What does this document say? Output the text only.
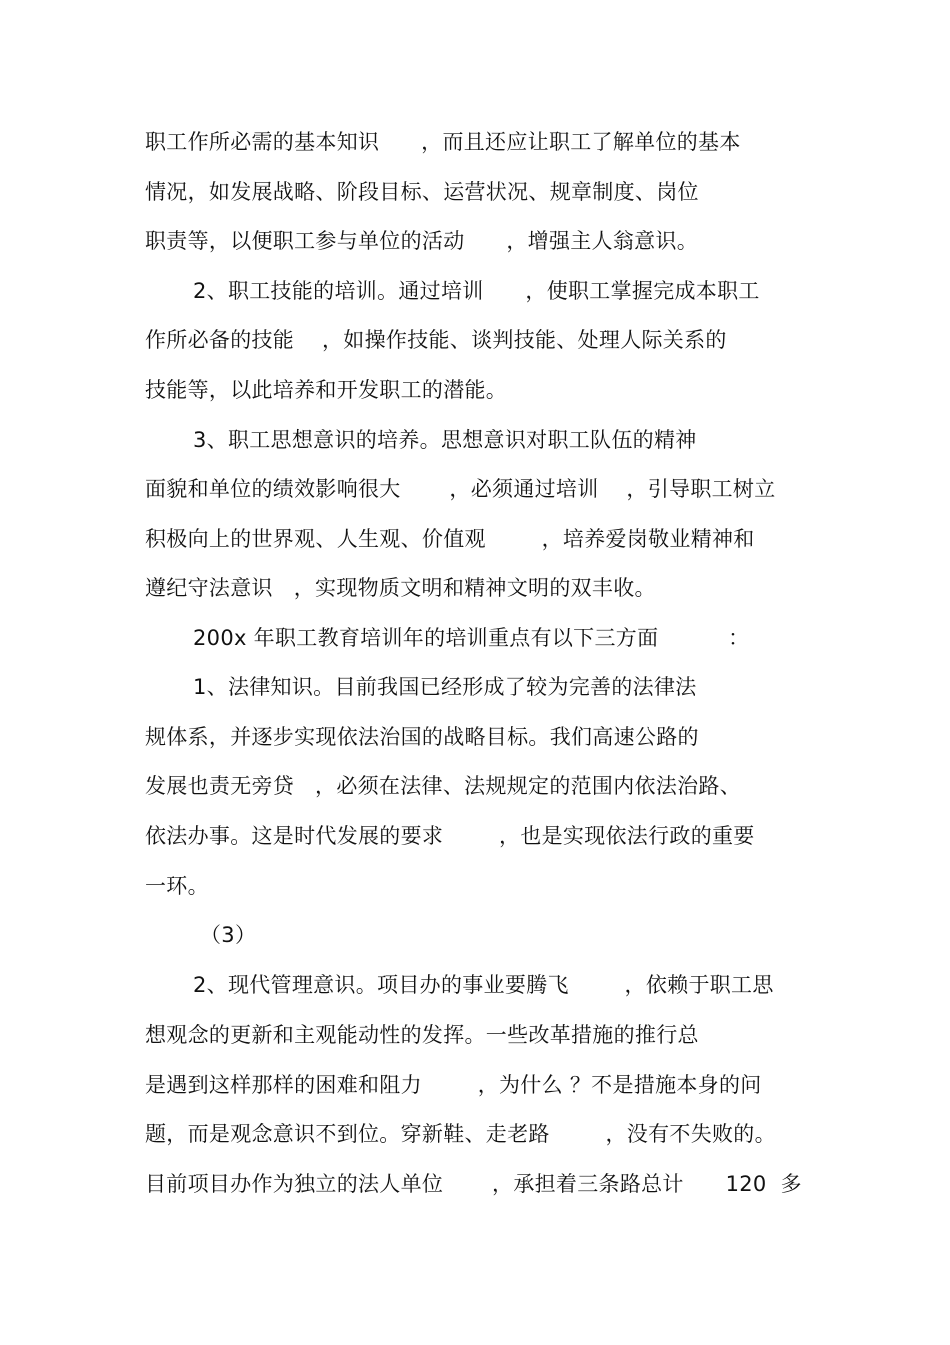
职工作所必需的基本知识      ，而且还应让职工了解单位的基本
情况，如发展战略、阶段目标、运营状况、规章制度、岗位
职责等，以便职工参与单位的活动      ，增强主人翁意识。
2、职工技能的培训。通过培训      ，使职工掌握完成本职工
作所必备的技能    ，如操作技能、谈判技能、处理人际关系的
技能等，以此培养和开发职工的潜能。
3、职工思想意识的培养。思想意识对职工队伍的精神
面貌和单位的绩效影响很大       ，必须通过培训    ，引导职工树立
积极向上的世界观、人生观、价值观        ，培养爱岗敬业精神和
遵纪守法意识   ，实现物质文明和精神文明的双丰收。
200x 年职工教育培训年的培训重点有以下三方面          ：
1、法律知识。目前我国已经形成了较为完善的法律法
规体系，并逐步实现依法治国的战略目标。我们高速公路的
发展也责无旁贷   ，必须在法律、法规规定的范围内依法治路、
依法办事。这是时代发展的要求        ，也是实现依法行政的重要
一环。
（3）
2、现代管理意识。项目办的事业要腾飞        ，依赖于职工思
想观念的更新和主观能动性的发挥。一些改革措施的推行总
是遇到这样那样的困难和阻力        ，为什么 ？不是措施本身的问
题，而是观念意识不到位。穿新鞋、走老路        ，没有不失败的。
目前项目办作为独立的法人单位       ，承担着三条路总计      120  多
